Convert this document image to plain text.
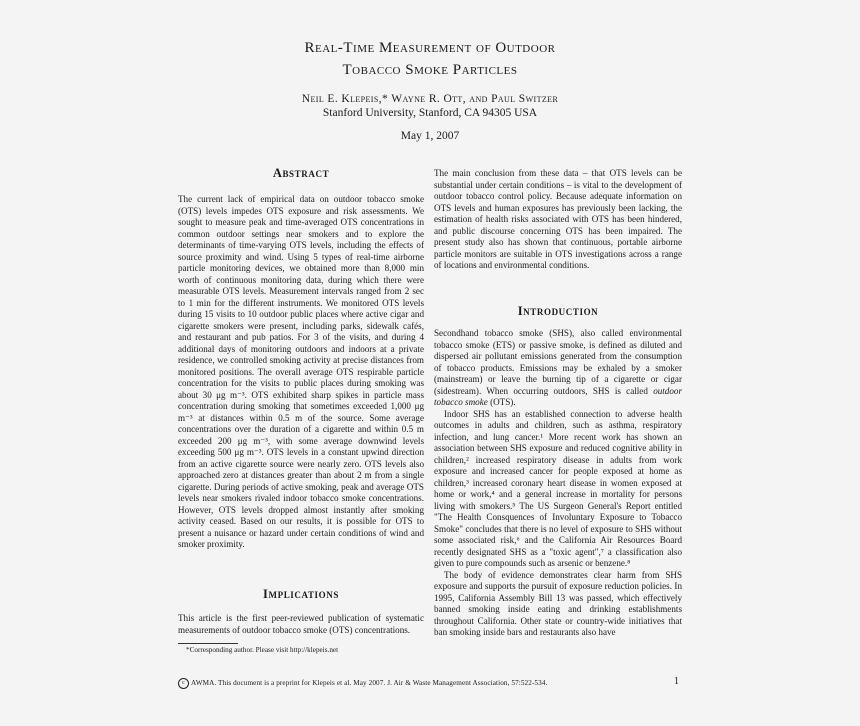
Real-Time Measurement of Outdoor
Tobacco Smoke Particles
Neil E. Klepeis,* Wayne R. Ott, and Paul Switzer
Stanford University, Stanford, CA 94305 USA
May 1, 2007
Abstract

The current lack of empirical data on outdoor tobacco smoke (OTS) levels impedes OTS exposure and risk assessments. We sought to measure peak and time-averaged OTS concentrations in common outdoor settings near smokers and to explore the determinants of time-varying OTS levels, including the effects of source proximity and wind. Using 5 types of real-time airborne particle monitoring devices, we obtained more than 8,000 min worth of continuous monitoring data, during which there were measurable OTS levels. Measurement intervals ranged from 2 sec to 1 min for the different instruments. We monitored OTS levels during 15 visits to 10 outdoor public places where active cigar and cigarette smokers were present, including parks, sidewalk cafés, and restaurant and pub patios. For 3 of the visits, and during 4 additional days of monitoring outdoors and indoors at a private residence, we controlled smoking activity at precise distances from monitored positions. The overall average OTS respirable particle concentration for the visits to public places during smoking was about 30 μg m⁻³. OTS exhibited sharp spikes in particle mass concentration during smoking that sometimes exceeded 1,000 μg m⁻³ at distances within 0.5 m of the source. Some average concentrations over the duration of a cigarette and within 0.5 m exceeded 200 μg m⁻³, with some average downwind levels exceeding 500 μg m⁻³. OTS levels in a constant upwind direction from an active cigarette source were nearly zero. OTS levels also approached zero at distances greater than about 2 m from a single cigarette. During periods of active smoking, peak and average OTS levels near smokers rivaled indoor tobacco smoke concentrations. However, OTS levels dropped almost instantly after smoking activity ceased. Based on our results, it is possible for OTS to present a nuisance or hazard under certain conditions of wind and smoker proximity.

Implications

This article is the first peer-reviewed publication of systematic measurements of outdoor tobacco smoke (OTS) concentrations.

*Corresponding author. Please visit http://klepeis.net

The main conclusion from these data – that OTS levels can be substantial under certain conditions – is vital to the development of outdoor tobacco control policy. Because adequate information on OTS levels and human exposures has previously been lacking, the estimation of health risks associated with OTS has been hindered, and public discourse concerning OTS has been impaired. The present study also has shown that continuous, portable airborne particle monitors are suitable in OTS investigations across a range of locations and environmental conditions.

Introduction

Secondhand tobacco smoke (SHS), also called environmental tobacco smoke (ETS) or passive smoke, is defined as diluted and dispersed air pollutant emissions generated from the consumption of tobacco products. Emissions may be exhaled by a smoker (mainstream) or leave the burning tip of a cigarette or cigar (sidestream). When occurring outdoors, SHS is called outdoor tobacco smoke (OTS).

Indoor SHS has an established connection to adverse health outcomes in adults and children, such as asthma, respiratory infection, and lung cancer.¹ More recent work has shown an association between SHS exposure and reduced cognitive ability in children,² increased respiratory disease in adults from work exposure and increased cancer for people exposed at home as children,³ increased coronary heart disease in women exposed at home or work,⁴ and a general increase in mortality for persons living with smokers.⁵ The US Surgeon General's Report entitled "The Health Consquences of Involuntary Exposure to Tobacco Smoke" concludes that there is no level of exposure to SHS without some associated risk,⁶ and the California Air Resources Board recently designated SHS as a "toxic agent",⁷ a classification also given to pure compounds such as arsenic or benzene.⁸

The body of evidence demonstrates clear harm from SHS exposure and supports the pursuit of exposure reduction policies. In 1995, California Assembly Bill 13 was passed, which effectively banned smoking inside eating and drinking establishments throughout California. Other state or country-wide initiatives that ban smoking inside bars and restaurants also have

c AWMA. This document is a preprint for Klepeis et al. May 2007. J. Air & Waste Management Association, 57:522-534.	1
